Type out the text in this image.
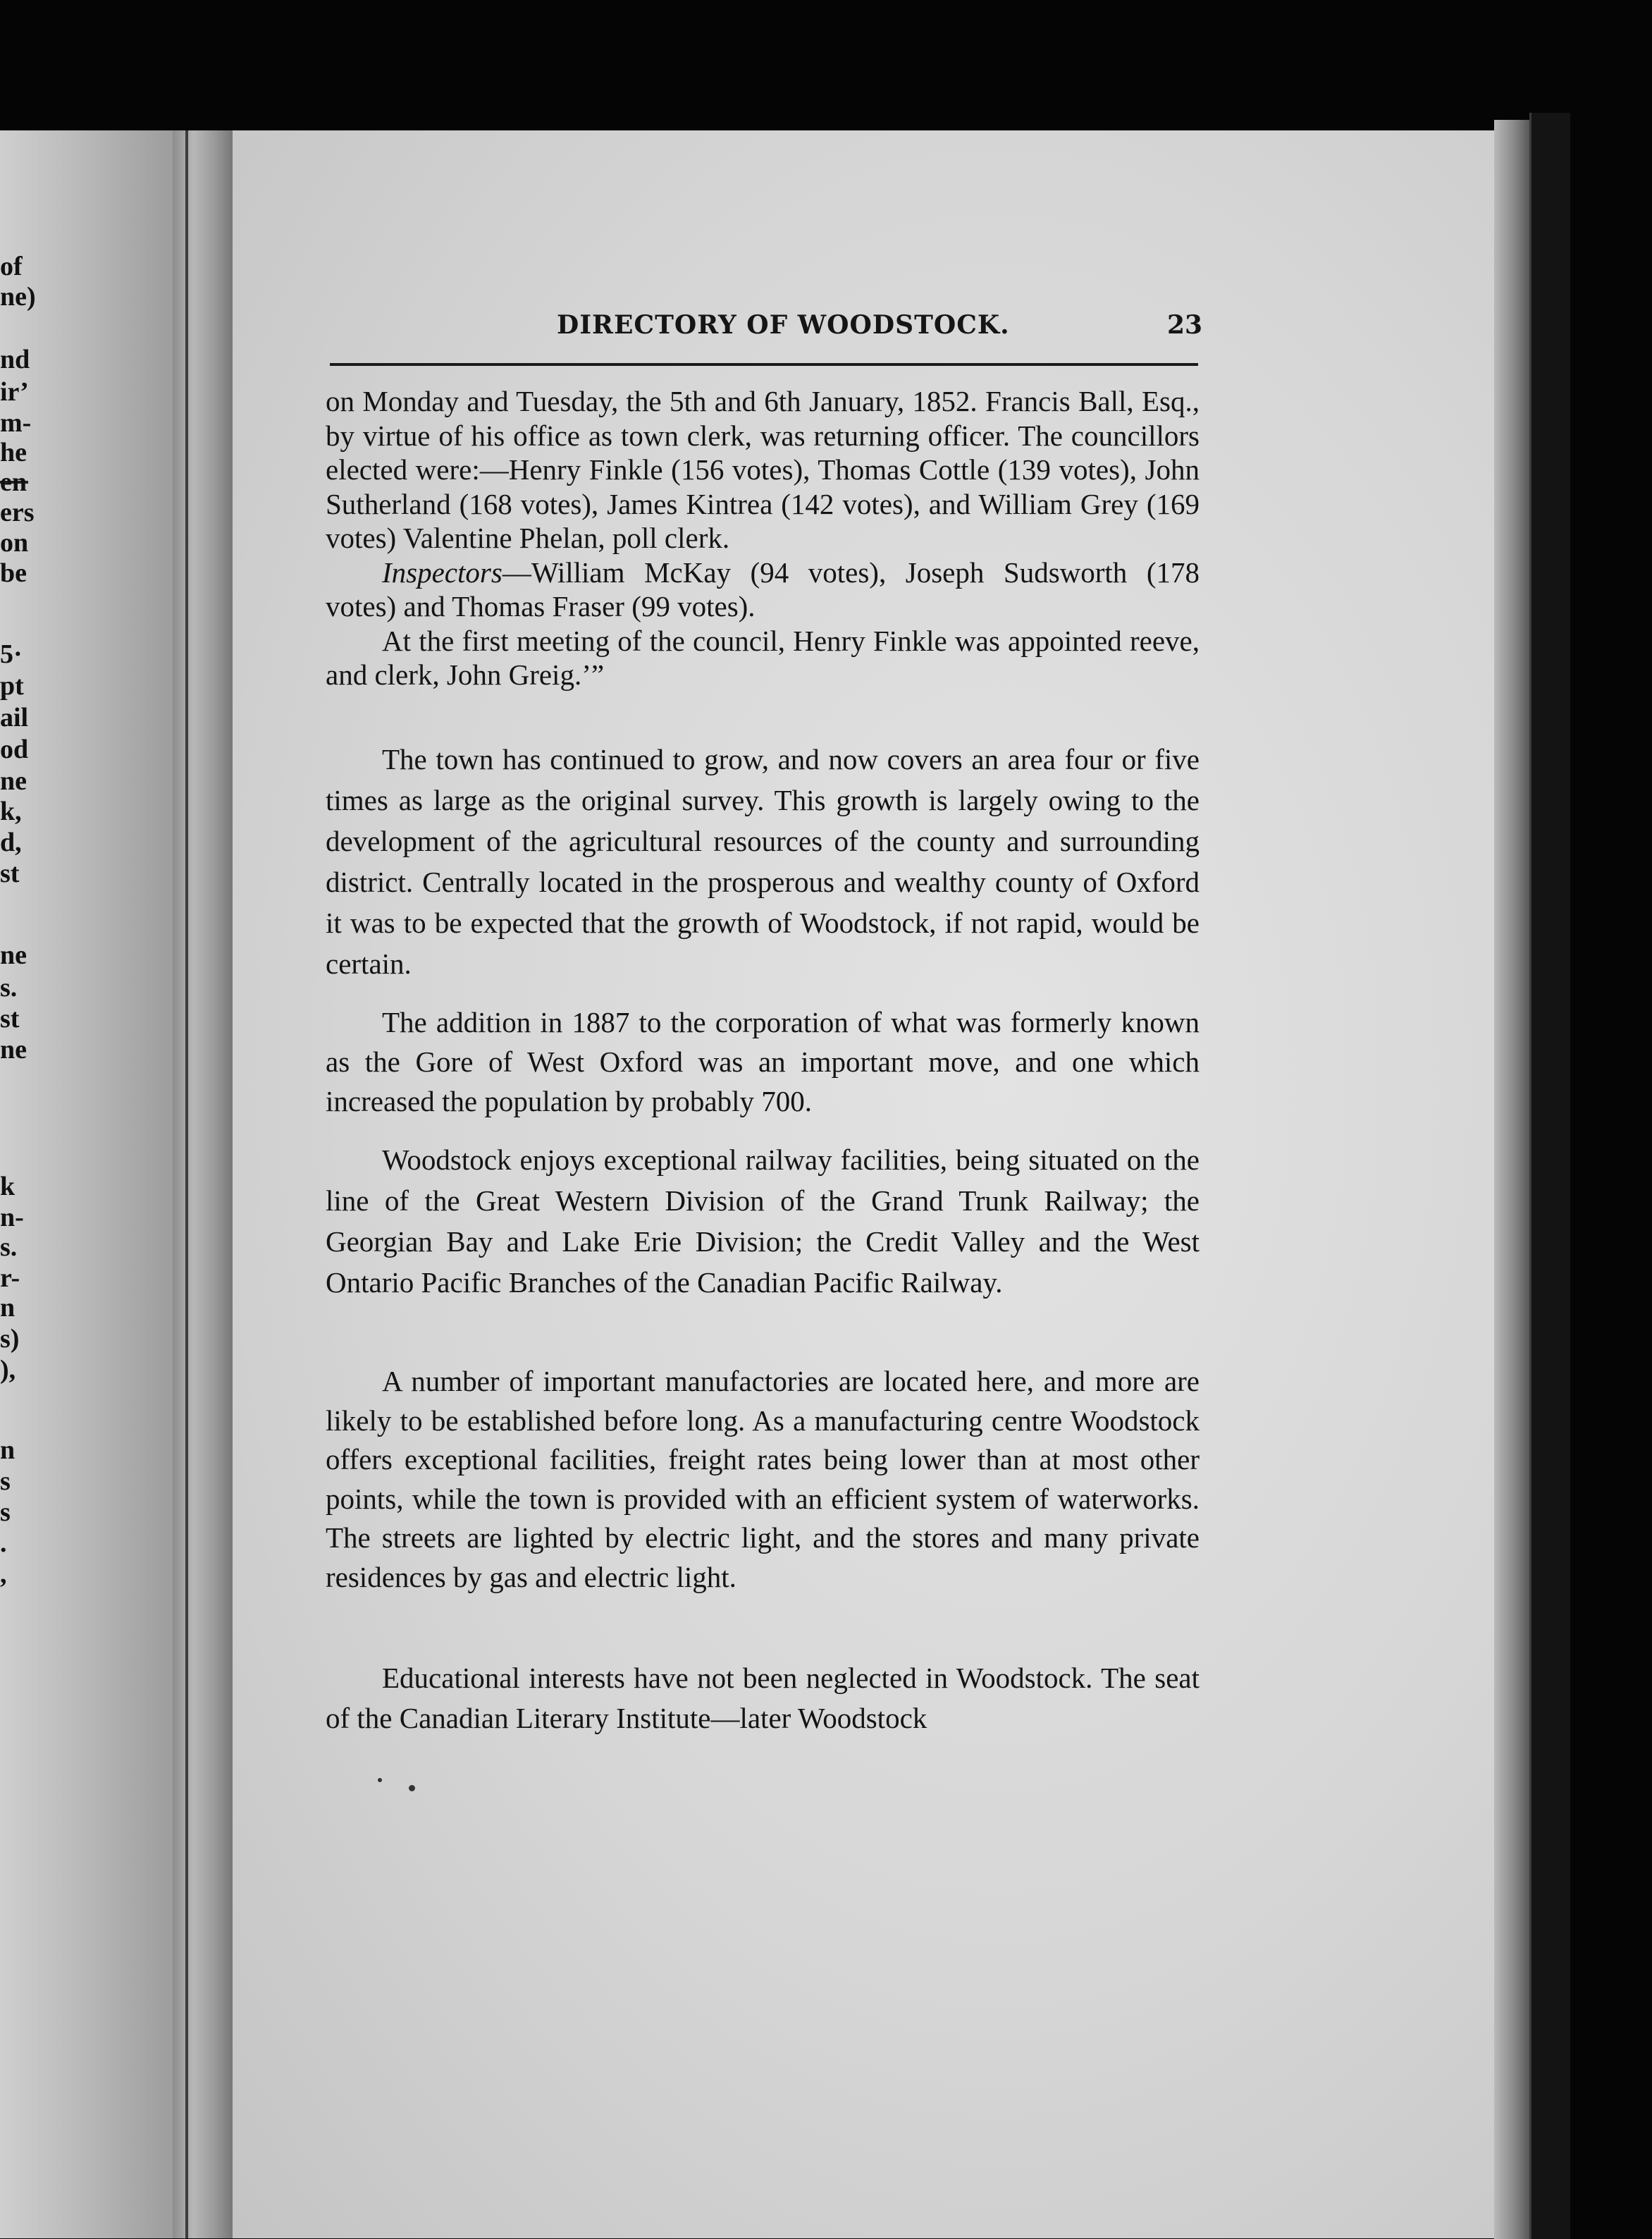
of
ne)
nd
ir’
m-
he
en
ers
on
be
5·
pt
ail
od
ne
k,
d,
st
ne
s.
st
ne
k
n-
s.
r-
n
s)
),
n
s
s
.
,
DIRECTORY OF WOODSTOCK.	23

on Monday and Tuesday, the 5th and 6th January, 1852. Francis Ball, Esq., by virtue of his office as town clerk, was returning officer. The councillors elected were:—Henry Finkle (156 votes), Thomas Cottle (139 votes), John Sutherland (168 votes), James Kintrea (142 votes), and William Grey (169 votes) Valentine Phelan, poll clerk.

Inspectors—William McKay (94 votes), Joseph Sudsworth (178 votes) and Thomas Fraser (99 votes).

At the first meeting of the council, Henry Finkle was appointed reeve, and clerk, John Greig.’”

The town has continued to grow, and now covers an area four or five times as large as the original survey. This growth is largely owing to the development of the agricultural resources of the county and surrounding district. Centrally located in the prosperous and wealthy county of Oxford it was to be expected that the growth of Woodstock, if not rapid, would be certain.

The addition in 1887 to the corporation of what was formerly known as the Gore of West Oxford was an important move, and one which increased the population by probably 700.

Woodstock enjoys exceptional railway facilities, being situated on the line of the Great Western Division of the Grand Trunk Railway; the Georgian Bay and Lake Erie Division; the Credit Valley and the West Ontario Pacific Branches of the Canadian Pacific Railway.

A number of important manufactories are located here, and more are likely to be established before long. As a manufacturing centre Woodstock offers exceptional facilities, freight rates being lower than at most other points, while the town is provided with an efficient system of waterworks. The streets are lighted by electric light, and the stores and many private residences by gas and electric light.

Educational interests have not been neglected in Woodstock. The seat of the Canadian Literary Institute—later Woodstock
